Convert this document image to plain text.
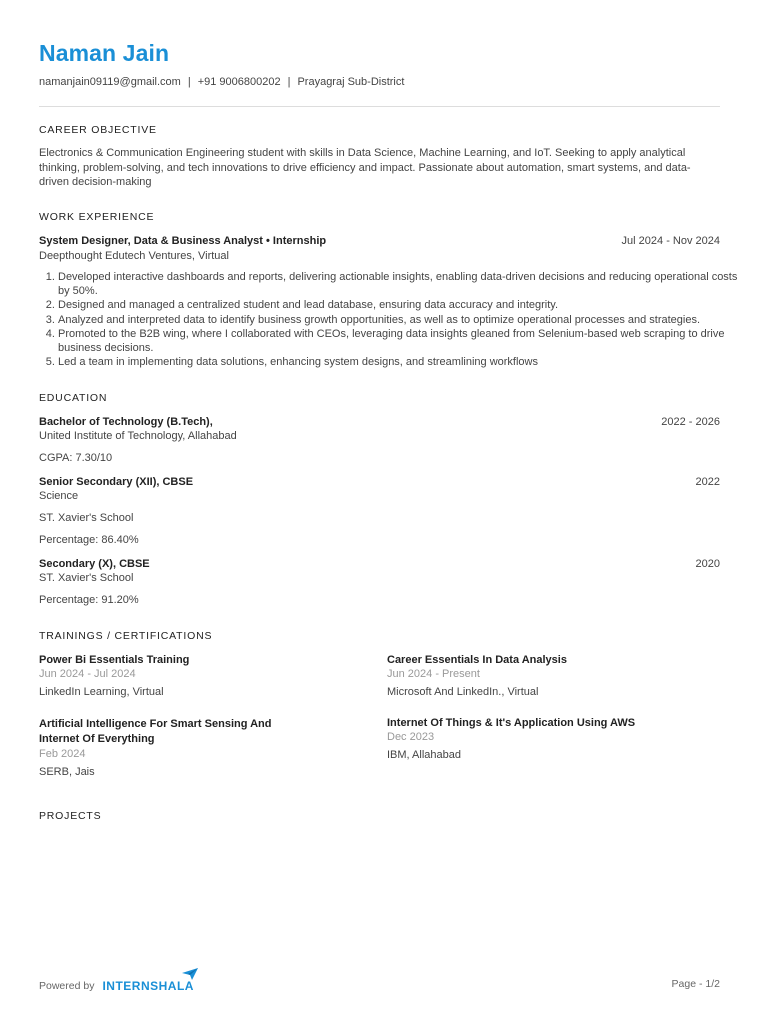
Naman Jain
namanjain09119@gmail.com | +91 9006800202 | Prayagraj Sub-District
CAREER OBJECTIVE
Electronics & Communication Engineering student with skills in Data Science, Machine Learning, and IoT. Seeking to apply analytical thinking, problem-solving, and tech innovations to drive efficiency and impact. Passionate about automation, smart systems, and data-driven decision-making
WORK EXPERIENCE
System Designer, Data & Business Analyst • Internship	Jul 2024 - Nov 2024
Deepthought Edutech Ventures, Virtual
1. Developed interactive dashboards and reports, delivering actionable insights, enabling data-driven decisions and reducing operational costs by 50%.
2. Designed and managed a centralized student and lead database, ensuring data accuracy and integrity.
3. Analyzed and interpreted data to identify business growth opportunities, as well as to optimize operational processes and strategies.
4. Promoted to the B2B wing, where I collaborated with CEOs, leveraging data insights gleaned from Selenium-based web scraping to drive business decisions.
5. Led a team in implementing data solutions, enhancing system designs, and streamlining workflows
EDUCATION
Bachelor of Technology (B.Tech),	2022 - 2026
United Institute of Technology, Allahabad
CGPA: 7.30/10
Senior Secondary (XII), CBSE	2022
Science
ST. Xavier's School
Percentage: 86.40%
Secondary (X), CBSE	2020
ST. Xavier's School
Percentage: 91.20%
TRAININGS / CERTIFICATIONS
Power Bi Essentials Training
Jun 2024 - Jul 2024
LinkedIn Learning, Virtual
Career Essentials In Data Analysis
Jun 2024 - Present
Microsoft And LinkedIn., Virtual
Artificial Intelligence For Smart Sensing And Internet Of Everything
Feb 2024
SERB, Jais
Internet Of Things & It's Application Using AWS
Dec 2023
IBM, Allahabad
PROJECTS
Powered by INTERNSHALA	Page - 1/2
